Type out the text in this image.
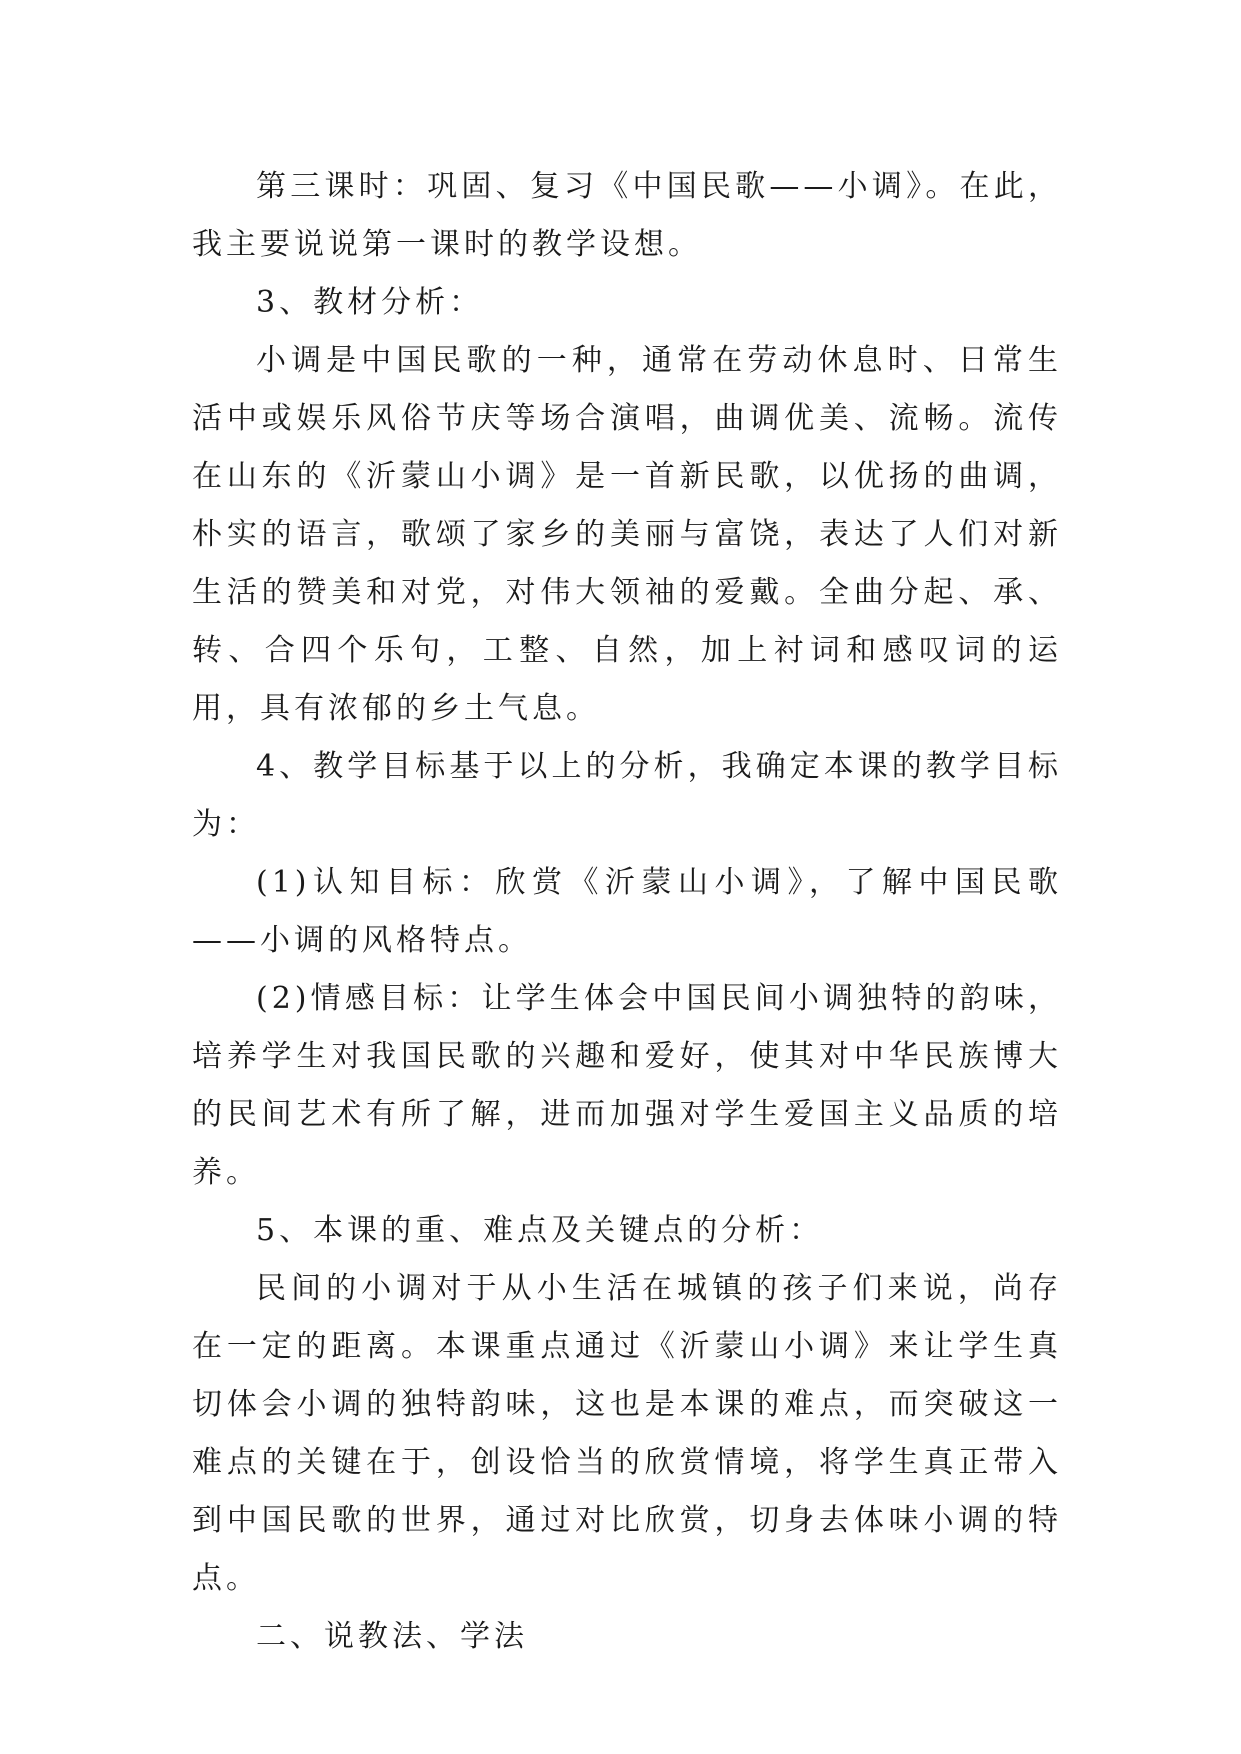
第三课时：巩固、复习《中国民歌——小调》。在此，我主要说说第一课时的教学设想。

3、教材分析：

小调是中国民歌的一种，通常在劳动休息时、日常生活中或娱乐风俗节庆等场合演唱，曲调优美、流畅。流传在山东的《沂蒙山小调》是一首新民歌，以优扬的曲调，朴实的语言，歌颂了家乡的美丽与富饶，表达了人们对新生活的赞美和对党，对伟大领袖的爱戴。全曲分起、承、转、合四个乐句，工整、自然，加上衬词和感叹词的运用，具有浓郁的乡土气息。

4、教学目标基于以上的分析，我确定本课的教学目标为：

(1)认知目标：欣赏《沂蒙山小调》，了解中国民歌——小调的风格特点。

(2)情感目标：让学生体会中国民间小调独特的韵味，培养学生对我国民歌的兴趣和爱好，使其对中华民族博大的民间艺术有所了解，进而加强对学生爱国主义品质的培养。

5、本课的重、难点及关键点的分析：

民间的小调对于从小生活在城镇的孩子们来说，尚存在一定的距离。本课重点通过《沂蒙山小调》来让学生真切体会小调的独特韵味，这也是本课的难点，而突破这一难点的关键在于，创设恰当的欣赏情境，将学生真正带入到中国民歌的世界，通过对比欣赏，切身去体味小调的特点。

二、说教法、学法
